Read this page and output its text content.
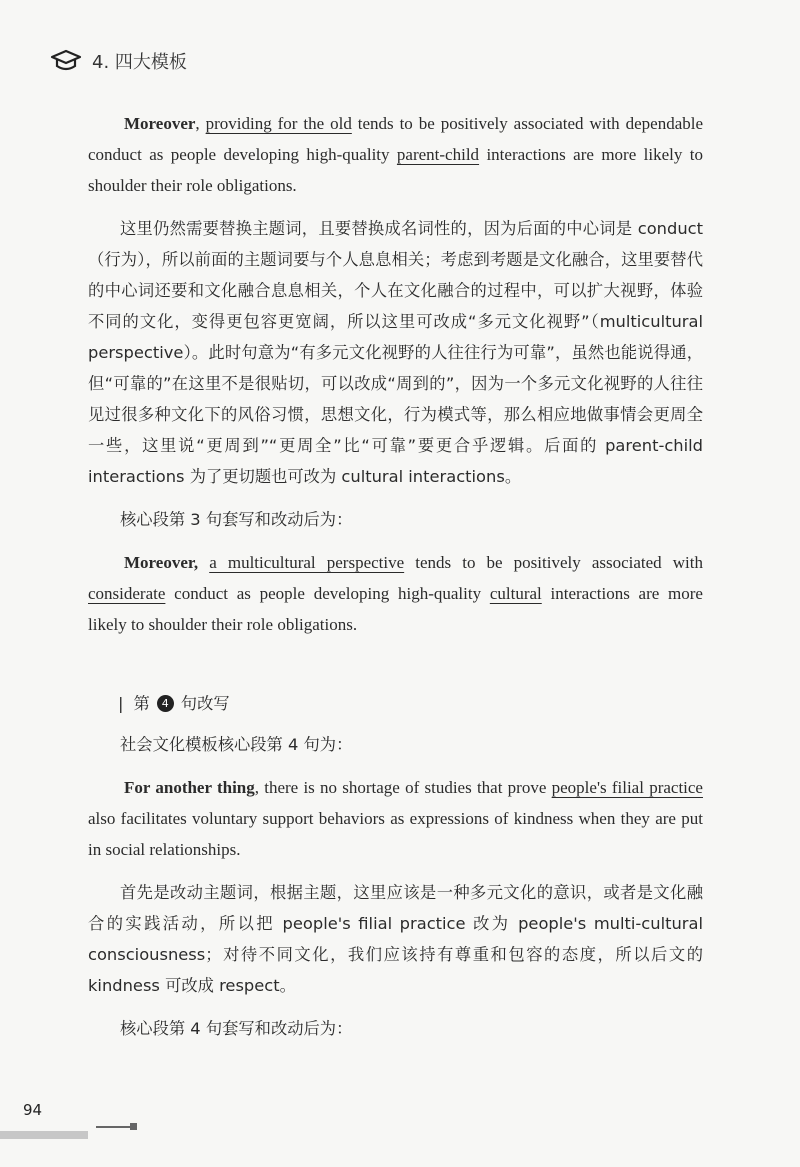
4. 四大模板

Moreover, providing for the old tends to be positively associated with dependable conduct as people developing high-quality parent-child interactions are more likely to shoulder their role obligations.

这里仍然需要替换主题词，且要替换成名词性的，因为后面的中心词是 conduct（行为），所以前面的主题词要与个人息息相关；考虑到考题是文化融合，这里要替代的中心词还要和文化融合息息相关，个人在文化融合的过程中，可以扩大视野，体验不同的文化，变得更包容更宽阔，所以这里可改成“多元文化视野”（multicultural perspective）。此时句意为“有多元文化视野的人往往行为可靠”，虽然也能说得通，但“可靠的”在这里不是很贴切，可以改成“周到的”，因为一个多元文化视野的人往往见过很多种文化下的风俗习惯，思想文化，行为模式等，那么相应地做事情会更周全一些，这里说“更周到”“更周全”比“可靠”要更合乎逻辑。后面的 parent-child interactions 为了更切题也可改为 cultural interactions。

核心段第 3 句套写和改动后为：

Moreover, a multicultural perspective tends to be positively associated with considerate conduct as people developing high-quality cultural interactions are more likely to shoulder their role obligations.

| 第	4 句改写

社会文化模板核心段第 4 句为：

For another thing, there is no shortage of studies that prove people's filial practice also facilitates voluntary support behaviors as expressions of kindness when they are put in social relationships.

首先是改动主题词，根据主题，这里应该是一种多元文化的意识，或者是文化融合的实践活动，所以把 people's filial practice 改为 people's multi-cultural consciousness；对待不同文化，我们应该持有尊重和包容的态度，所以后文的 kindness 可改成 respect。

核心段第 4 句套写和改动后为：

94
